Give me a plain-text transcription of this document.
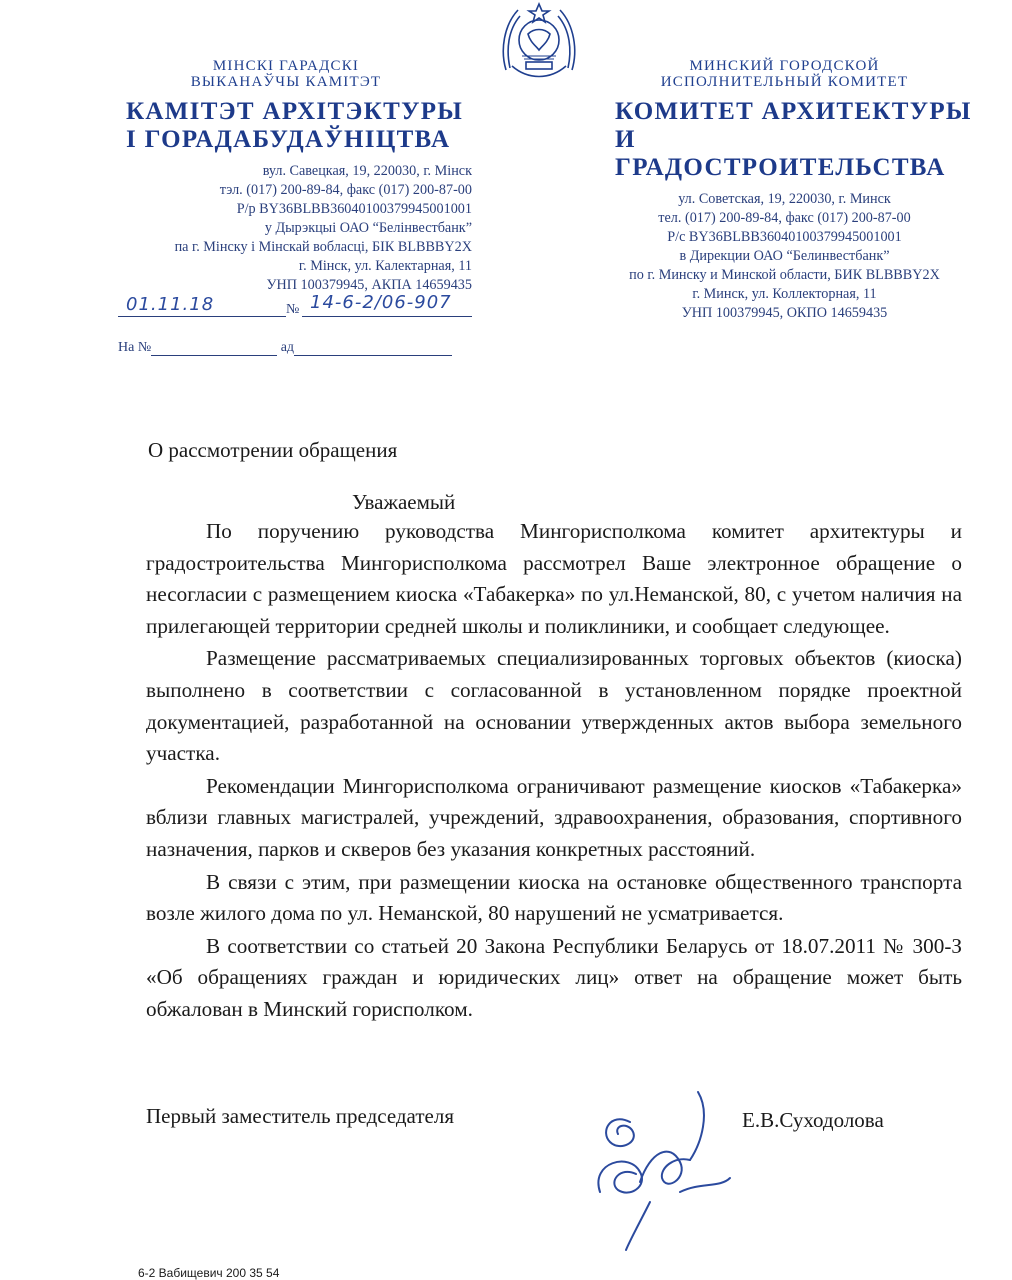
МІНСКІ ГАРАДСКІ
ВЫКАНАЎЧЫ КАМІТЭТ
КАМІТЭТ АРХІТЭКТУРЫ
І ГОРАДАБУДАЎНІЦТВА
вул. Савецкая, 19, 220030, г. Мінск
тэл. (017) 200-89-84, факс (017) 200-87-00
Р/р BY36BLBB36040100379945001001
у Дырэкцыі ОАО “Белінвестбанк”
па г. Мінску і Мінскай вобласці, БІК BLBBBY2X
г. Мінск, ул. Калектарная, 11
УНП 100379945, АКПА 14659435
МИНСКИЙ ГОРОДСКОЙ
ИСПОЛНИТЕЛЬНЫЙ КОМИТЕТ
КОМИТЕТ АРХИТЕКТУРЫ
И ГРАДОСТРОИТЕЛЬСТВА
ул. Советская, 19, 220030, г. Минск
тел. (017) 200-89-84, факс (017) 200-87-00
Р/с BY36BLBB36040100379945001001
в Дирекции ОАО “Белинвестбанк”
по г. Минску и Минской области, БИК BLBBBY2X
г. Минск, ул. Коллекторная, 11
УНП 100379945, ОКПО 14659435
01.11.18	№ 14-6-2/06-907
На №	ад
О рассмотрении обращения
Уважаемый

По поручению руководства Мингорисполкома комитет архитектуры и градостроительства Мингорисполкома рассмотрел Ваше электронное обращение о несогласии с размещением киоска «Табакерка» по ул.Неманской, 80, с учетом наличия на прилегающей территории средней школы и поликлиники, и сообщает следующее.

Размещение рассматриваемых специализированных торговых объектов (киоска) выполнено в соответствии с согласованной в установленном порядке проектной документацией, разработанной на основании утвержденных актов выбора земельного участка.

Рекомендации Мингорисполкома ограничивают размещение киосков «Табакерка» вблизи главных магистралей, учреждений, здравоохранения, образования, спортивного назначения, парков и скверов без указания конкретных расстояний.

В связи с этим, при размещении киоска на остановке общественного транспорта возле жилого дома по ул. Неманской, 80 нарушений не усматривается.

В соответствии со статьей 20 Закона Республики Беларусь от 18.07.2011 № 300-З «Об обращениях граждан и юридических лиц» ответ на обращение может быть обжалован в Минский горисполком.

Первый заместитель председателя	Е.В.Суходолова
6-2 Вабищевич 200 35 54
